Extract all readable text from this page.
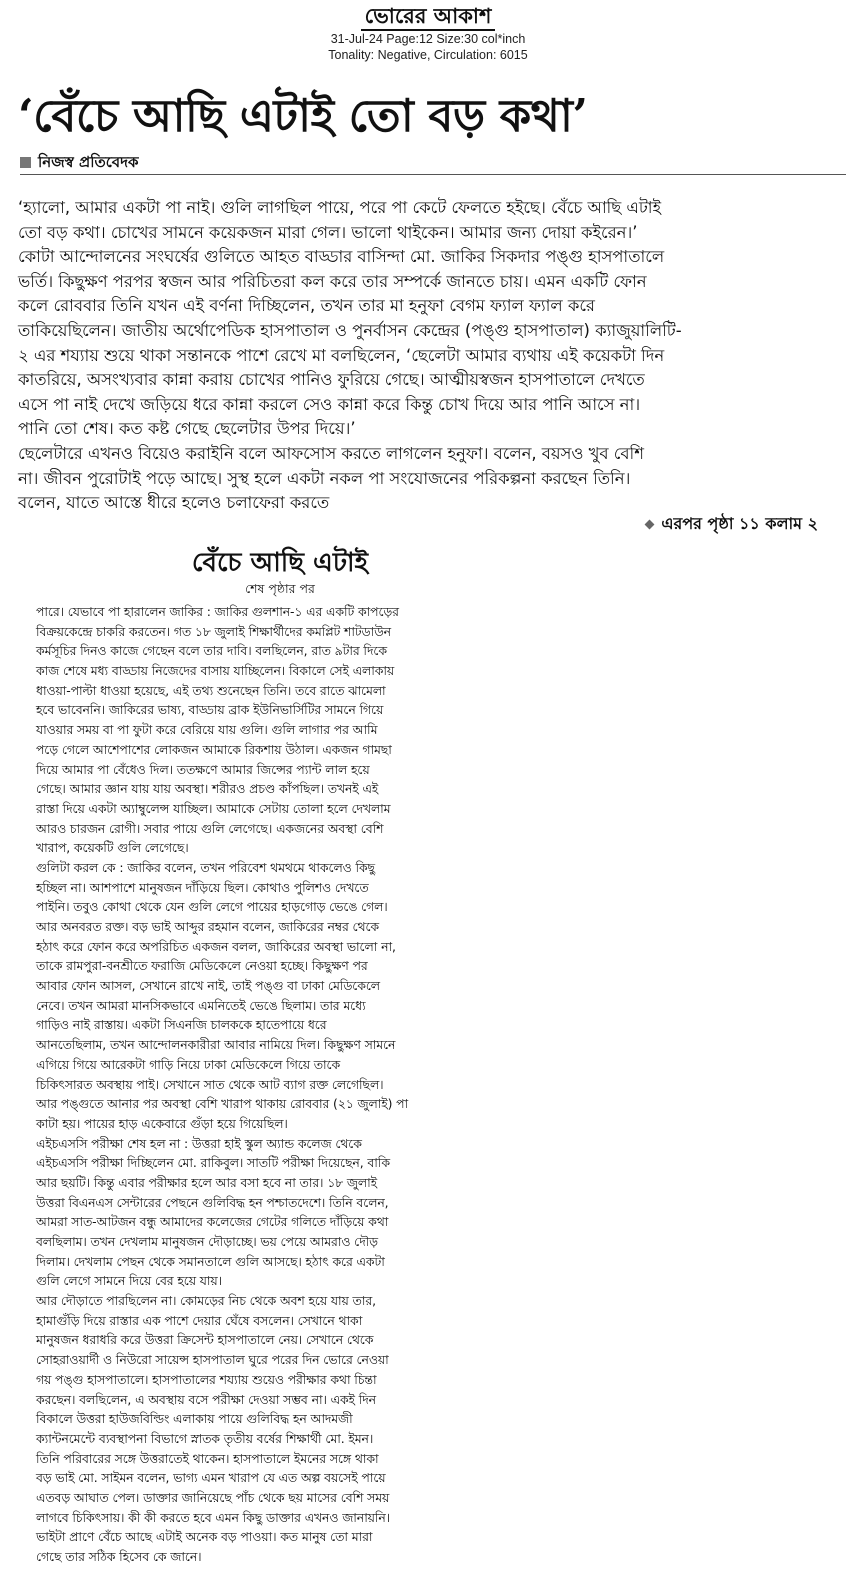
ভোরের আকাশ
31-Jul-24 Page:12 Size:30 col*inch
Tonality: Negative, Circulation: 6015
‘বেঁচে আছি এটাই তো বড় কথা’
নিজস্ব প্রতিবেদক
‘হ্যালো, আমার একটা পা নাই। গুলি লাগছিল পায়ে, পরে পা কেটে ফেলতে হইছে। বেঁচে আছি এটাই
তো বড় কথা। চোখের সামনে কয়েকজন মারা গেল। ভালো থাইকেন। আমার জন্য দোয়া কইরেন।’
কোটা আন্দোলনের সংঘর্ষের গুলিতে আহত বাড্ডার বাসিন্দা মো. জাকির সিকদার পঙ্গু হাসপাতালে
ভর্তি। কিছুক্ষণ পরপর স্বজন আর পরিচিতরা কল করে তার সম্পর্কে জানতে চায়। এমন একটি ফোন
কলে রোববার তিনি যখন এই বর্ণনা দিচ্ছিলেন, তখন তার মা হনুফা বেগম ফ্যাল ফ্যাল করে
তাকিয়েছিলেন। জাতীয় অর্থোপেডিক হাসপাতাল ও পুনর্বাসন কেন্দ্রের (পঙ্গু হাসপাতাল) ক্যাজুয়ালিটি-
২ এর শয্যায় শুয়ে থাকা সন্তানকে পাশে রেখে মা বলছিলেন, ‘ছেলেটা আমার ব্যথায় এই কয়েকটা দিন
কাতরিয়ে, অসংখ্যবার কান্না করায় চোখের পানিও ফুরিয়ে গেছে। আত্মীয়স্বজন হাসপাতালে দেখতে
এসে পা নাই দেখে জড়িয়ে ধরে কান্না করলে সেও কান্না করে কিন্তু চোখ দিয়ে আর পানি আসে না।
পানি তো শেষ। কত কষ্ট গেছে ছেলেটার উপর দিয়ে।’
ছেলেটারে এখনও বিয়েও করাইনি বলে আফসোস করতে লাগলেন হনুফা। বলেন, বয়সও খুব বেশি
না। জীবন পুরোটাই পড়ে আছে। সুস্থ হলে একটা নকল পা সংযোজনের পরিকল্পনা করছেন তিনি।
বলেন, যাতে আস্তে ধীরে হলেও চলাফেরা করতে
এরপর পৃষ্ঠা ১১ কলাম ২
বেঁচে আছি এটাই
শেষ পৃষ্ঠার পর
পারে। যেভাবে পা হারালেন জাকির : জাকির গুলশান-১ এর একটি কাপড়ের
বিক্রয়কেন্দ্রে চাকরি করতেন। গত ১৮ জুলাই শিক্ষার্থীদের কমপ্লিট শাটডাউন
কর্মসূচির দিনও কাজে গেছেন বলে তার দাবি। বলছিলেন, রাত ৯টার দিকে
কাজ শেষে মধ্য বাড্ডায় নিজেদের বাসায় যাচ্ছিলেন। বিকালে সেই এলাকায়
ধাওয়া-পাল্টা ধাওয়া হয়েছে, এই তথ্য শুনেছেন তিনি। তবে রাতে ঝামেলা
হবে ভাবেননি। জাকিরের ভাষ্য, বাড্ডায় ব্রাক ইউনিভার্সিটির সামনে গিয়ে
যাওয়ার সময় বা পা ফুটা করে বেরিয়ে যায় গুলি। গুলি লাগার পর আমি
পড়ে গেলে আশেপাশের লোকজন আমাকে রিকশায় উঠাল। একজন গামছা
দিয়ে আমার পা বেঁধেও দিল। ততক্ষণে আমার জিন্সের প্যান্ট লাল হয়ে
গেছে। আমার জ্ঞান যায় যায় অবস্থা। শরীরও প্রচণ্ড কাঁপছিল। তখনই এই
রাস্তা দিয়ে একটা অ্যাম্বুলেন্স যাচ্ছিল। আমাকে সেটায় তোলা হলে দেখলাম
আরও চারজন রোগী। সবার পায়ে গুলি লেগেছে। একজনের অবস্থা বেশি
খারাপ, কয়েকটি গুলি লেগেছে।
গুলিটা করল কে : জাকির বলেন, তখন পরিবেশ থমথমে থাকলেও কিছু
হচ্ছিল না। আশপাশে মানুষজন দাঁড়িয়ে ছিল। কোথাও পুলিশও দেখতে
পাইনি। তবুও কোথা থেকে যেন গুলি লেগে পায়ের হাড়গোড় ভেঙে গেল।
আর অনবরত রক্ত। বড় ভাই আব্দুর রহমান বলেন, জাকিরের নম্বর থেকে
হঠাৎ করে ফোন করে অপরিচিত একজন বলল, জাকিরের অবস্থা ভালো না,
তাকে রামপুরা-বনশ্রীতে ফরাজি মেডিকেলে নেওয়া হচ্ছে। কিছুক্ষণ পর
আবার ফোন আসল, সেখানে রাখে নাই, তাই পঙ্গু বা ঢাকা মেডিকেলে
নেবে। তখন আমরা মানসিকভাবে এমনিতেই ভেঙে ছিলাম। তার মধ্যে
গাড়িও নাই রাস্তায়। একটা সিএনজি চালককে হাতেপায়ে ধরে
আনতেছিলাম, তখন আন্দোলনকারীরা আবার নামিয়ে দিল। কিছুক্ষণ সামনে
এগিয়ে গিয়ে আরেকটা গাড়ি নিয়ে ঢাকা মেডিকেলে গিয়ে তাকে
চিকিৎসারত অবস্থায় পাই। সেখানে সাত থেকে আট ব্যাগ রক্ত লেগেছিল।
আর পঙ্গুতে আনার পর অবস্থা বেশি খারাপ থাকায় রোববার (২১ জুলাই) পা
কাটা হয়। পায়ের হাড় একেবারে গুঁড়া হয়ে গিয়েছিল।
এইচএসসি পরীক্ষা শেষ হল না : উত্তরা হাই স্কুল অ্যান্ড কলেজ থেকে
এইচএসসি পরীক্ষা দিচ্ছিলেন মো. রাকিবুল। সাতটি পরীক্ষা দিয়েছেন, বাকি
আর ছয়টি। কিন্তু এবার পরীক্ষার হলে আর বসা হবে না তার। ১৮ জুলাই
উত্তরা বিএনএস সেন্টারের পেছনে গুলিবিদ্ধ হন পশ্চাতদেশে। তিনি বলেন,
আমরা সাত-আটজন বন্ধু আমাদের কলেজের গেটের গলিতে দাঁড়িয়ে কথা
বলছিলাম। তখন দেখলাম মানুষজন দৌড়াচ্ছে। ভয় পেয়ে আমরাও দৌড়
দিলাম। দেখলাম পেছন থেকে সমানতালে গুলি আসছে। হঠাৎ করে একটা
গুলি লেগে সামনে দিয়ে বের হয়ে যায়।
আর দৌড়াতে পারছিলেন না। কোমড়ের নিচ থেকে অবশ হয়ে যায় তার,
হামাগুঁড়ি দিয়ে রাস্তার এক পাশে দেয়ার ঘেঁষে বসলেন। সেখানে থাকা
মানুষজন ধরাধরি করে উত্তরা ক্রিসেন্ট হাসপাতালে নেয়। সেখানে থেকে
সোহরাওয়ার্দী ও নিউরো সায়েন্স হাসপাতাল ঘুরে পরের দিন ভোরে নেওয়া
গয় পঙ্গু হাসপাতালে। হাসপাতালের শয্যায় শুয়েও পরীক্ষার কথা চিন্তা
করছেন। বলছিলেন, এ অবস্থায় বসে পরীক্ষা দেওয়া সম্ভব না। একই দিন
বিকালে উত্তরা হাউজবিল্ডিং এলাকায় পায়ে গুলিবিদ্ধ হন আদমজী
ক্যান্টনমেন্টে ব্যবস্থাপনা বিভাগে স্নাতক তৃতীয় বর্ষের শিক্ষার্থী মো. ইমন।
তিনি পরিবারের সঙ্গে উত্তরাতেই থাকেন। হাসপাতালে ইমনের সঙ্গে থাকা
বড় ভাই মো. সাইমন বলেন, ভাগ্য এমন খারাপ যে এত অল্প বয়সেই পায়ে
এতবড় আঘাত পেল। ডাক্তার জানিয়েছে পাঁচ থেকে ছয় মাসের বেশি সময়
লাগবে চিকিৎসায়। কী কী করতে হবে এমন কিছু ডাক্তার এখনও জানায়নি।
ভাইটা প্রাণে বেঁচে আছে এটাই অনেক বড় পাওয়া। কত মানুষ তো মারা
গেছে তার সঠিক হিসেব কে জানে।
